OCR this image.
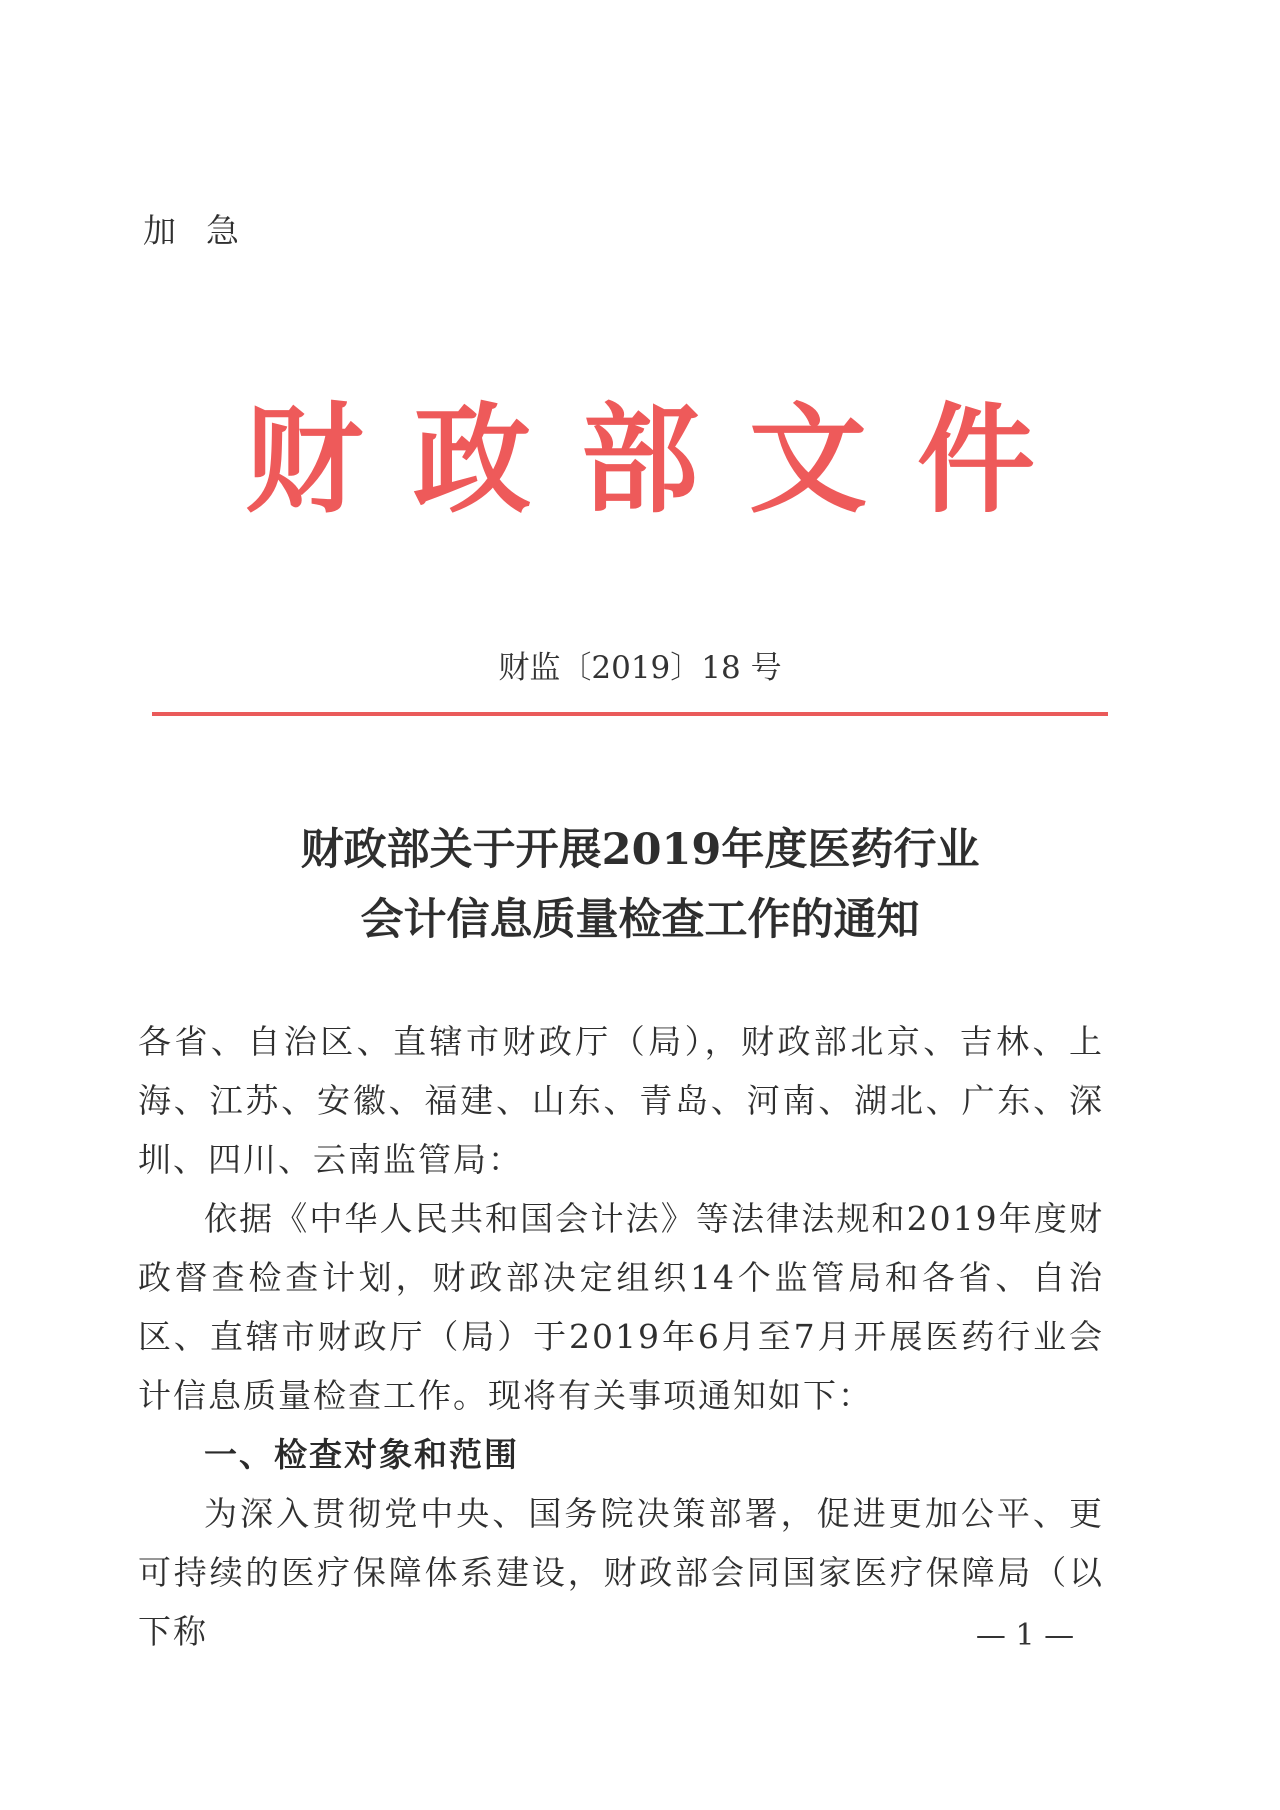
加急
财政部文件
财监〔2019〕18 号
财政部关于开展2019年度医药行业
会计信息质量检查工作的通知

各省、自治区、直辖市财政厅（局），财政部北京、吉林、上海、江苏、安徽、福建、山东、青岛、河南、湖北、广东、深圳、四川、云南监管局：

依据《中华人民共和国会计法》等法律法规和2019年度财政督查检查计划，财政部决定组织14个监管局和各省、自治区、直辖市财政厅（局）于2019年6月至7月开展医药行业会计信息质量检查工作。现将有关事项通知如下：

一、检查对象和范围

为深入贯彻党中央、国务院决策部署，促进更加公平、更可持续的医疗保障体系建设，财政部会同国家医疗保障局（以下称	— 1 —
